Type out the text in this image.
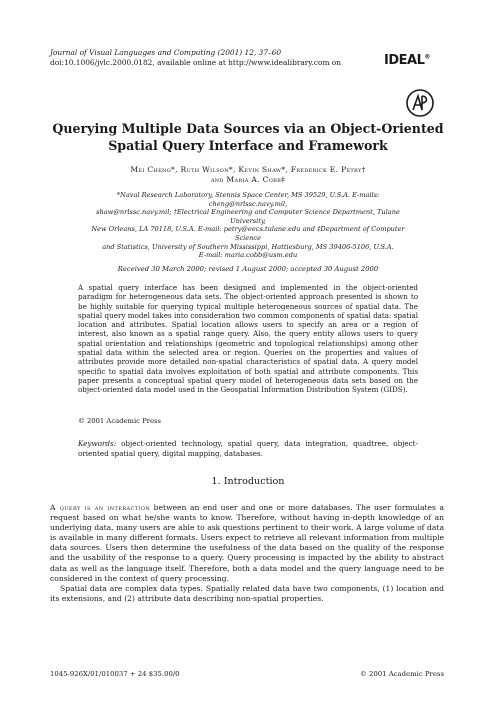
Journal of Visual Languages and Computing (2001) 12, 37–60
doi:10.1006/jvlc.2000.0182, available online at http://www.idealibrary.com on	IDEAL®
Querying Multiple Data Sources via an Object-Oriented
Spatial Query Interface and Framework
Mei Cheng*, Ruth Wilson*, Kevin Shaw*, Frederick E. Petry†
and Maria A. Cobb‡
*Naval Research Laboratory, Stennis Space Center, MS 39529, U.S.A. E-mails: cheng@nrlssc.navy.mil,
shaw@nrlssc.navy.mil; †Electrical Engineering and Computer Science Department, Tulane University,
New Orleans, LA 70118, U.S.A. E-mail: petry@eecs.tulane.edu and ‡Department of Computer Science
and Statistics, University of Southern Mississippi, Hattiesburg, MS 39406-5106, U.S.A.
E-mail: maria.cobb@usm.edu
Received 30 March 2000; revised 1 August 2000; accepted 30 August 2000
A spatial query interface has been designed and implemented in the object-oriented paradigm for heterogeneous data sets. The object-oriented approach presented is shown to be highly suitable for querying typical multiple heterogeneous sources of spatial data. The spatial query model takes into consideration two common components of spatial data: spatial location and attributes. Spatial location allows users to specify an area or a region of interest, also known as a spatial range query. Also, the query entity allows users to query spatial orientation and relationships (geometric and topological relationships) among other spatial data within the selected area or region. Queries on the properties and values of attributes provide more detailed non-spatial characteristics of spatial data. A query model specific to spatial data involves exploitation of both spatial and attribute components. This paper presents a conceptual spatial query model of heterogeneous data sets based on the object-oriented data model used in the Geospatial Information Distribution System (GIDS).
© 2001 Academic Press
Keywords: object-oriented technology, spatial query, data integration, quadtree, object-oriented spatial query, digital mapping, databases.
1. Introduction

A query is an interaction between an end user and one or more databases. The user formulates a request based on what he/she wants to know. Therefore, without having in-depth knowledge of an underlying data, many users are able to ask questions pertinent to their work. A large volume of data is available in many different formats. Users expect to retrieve all relevant information from multiple data sources. Users then determine the usefulness of the data based on the quality of the response and the usability of the response to a query. Query processing is impacted by the ability to abstract data as well as the language itself. Therefore, both a data model and the query language need to be considered in the context of query processing.

Spatial data are complex data types. Spatially related data have two components, (1) location and its extensions, and (2) attribute data describing non-spatial properties.

1045-926X/01/010037 + 24 $35.00/0	© 2001 Academic Press
